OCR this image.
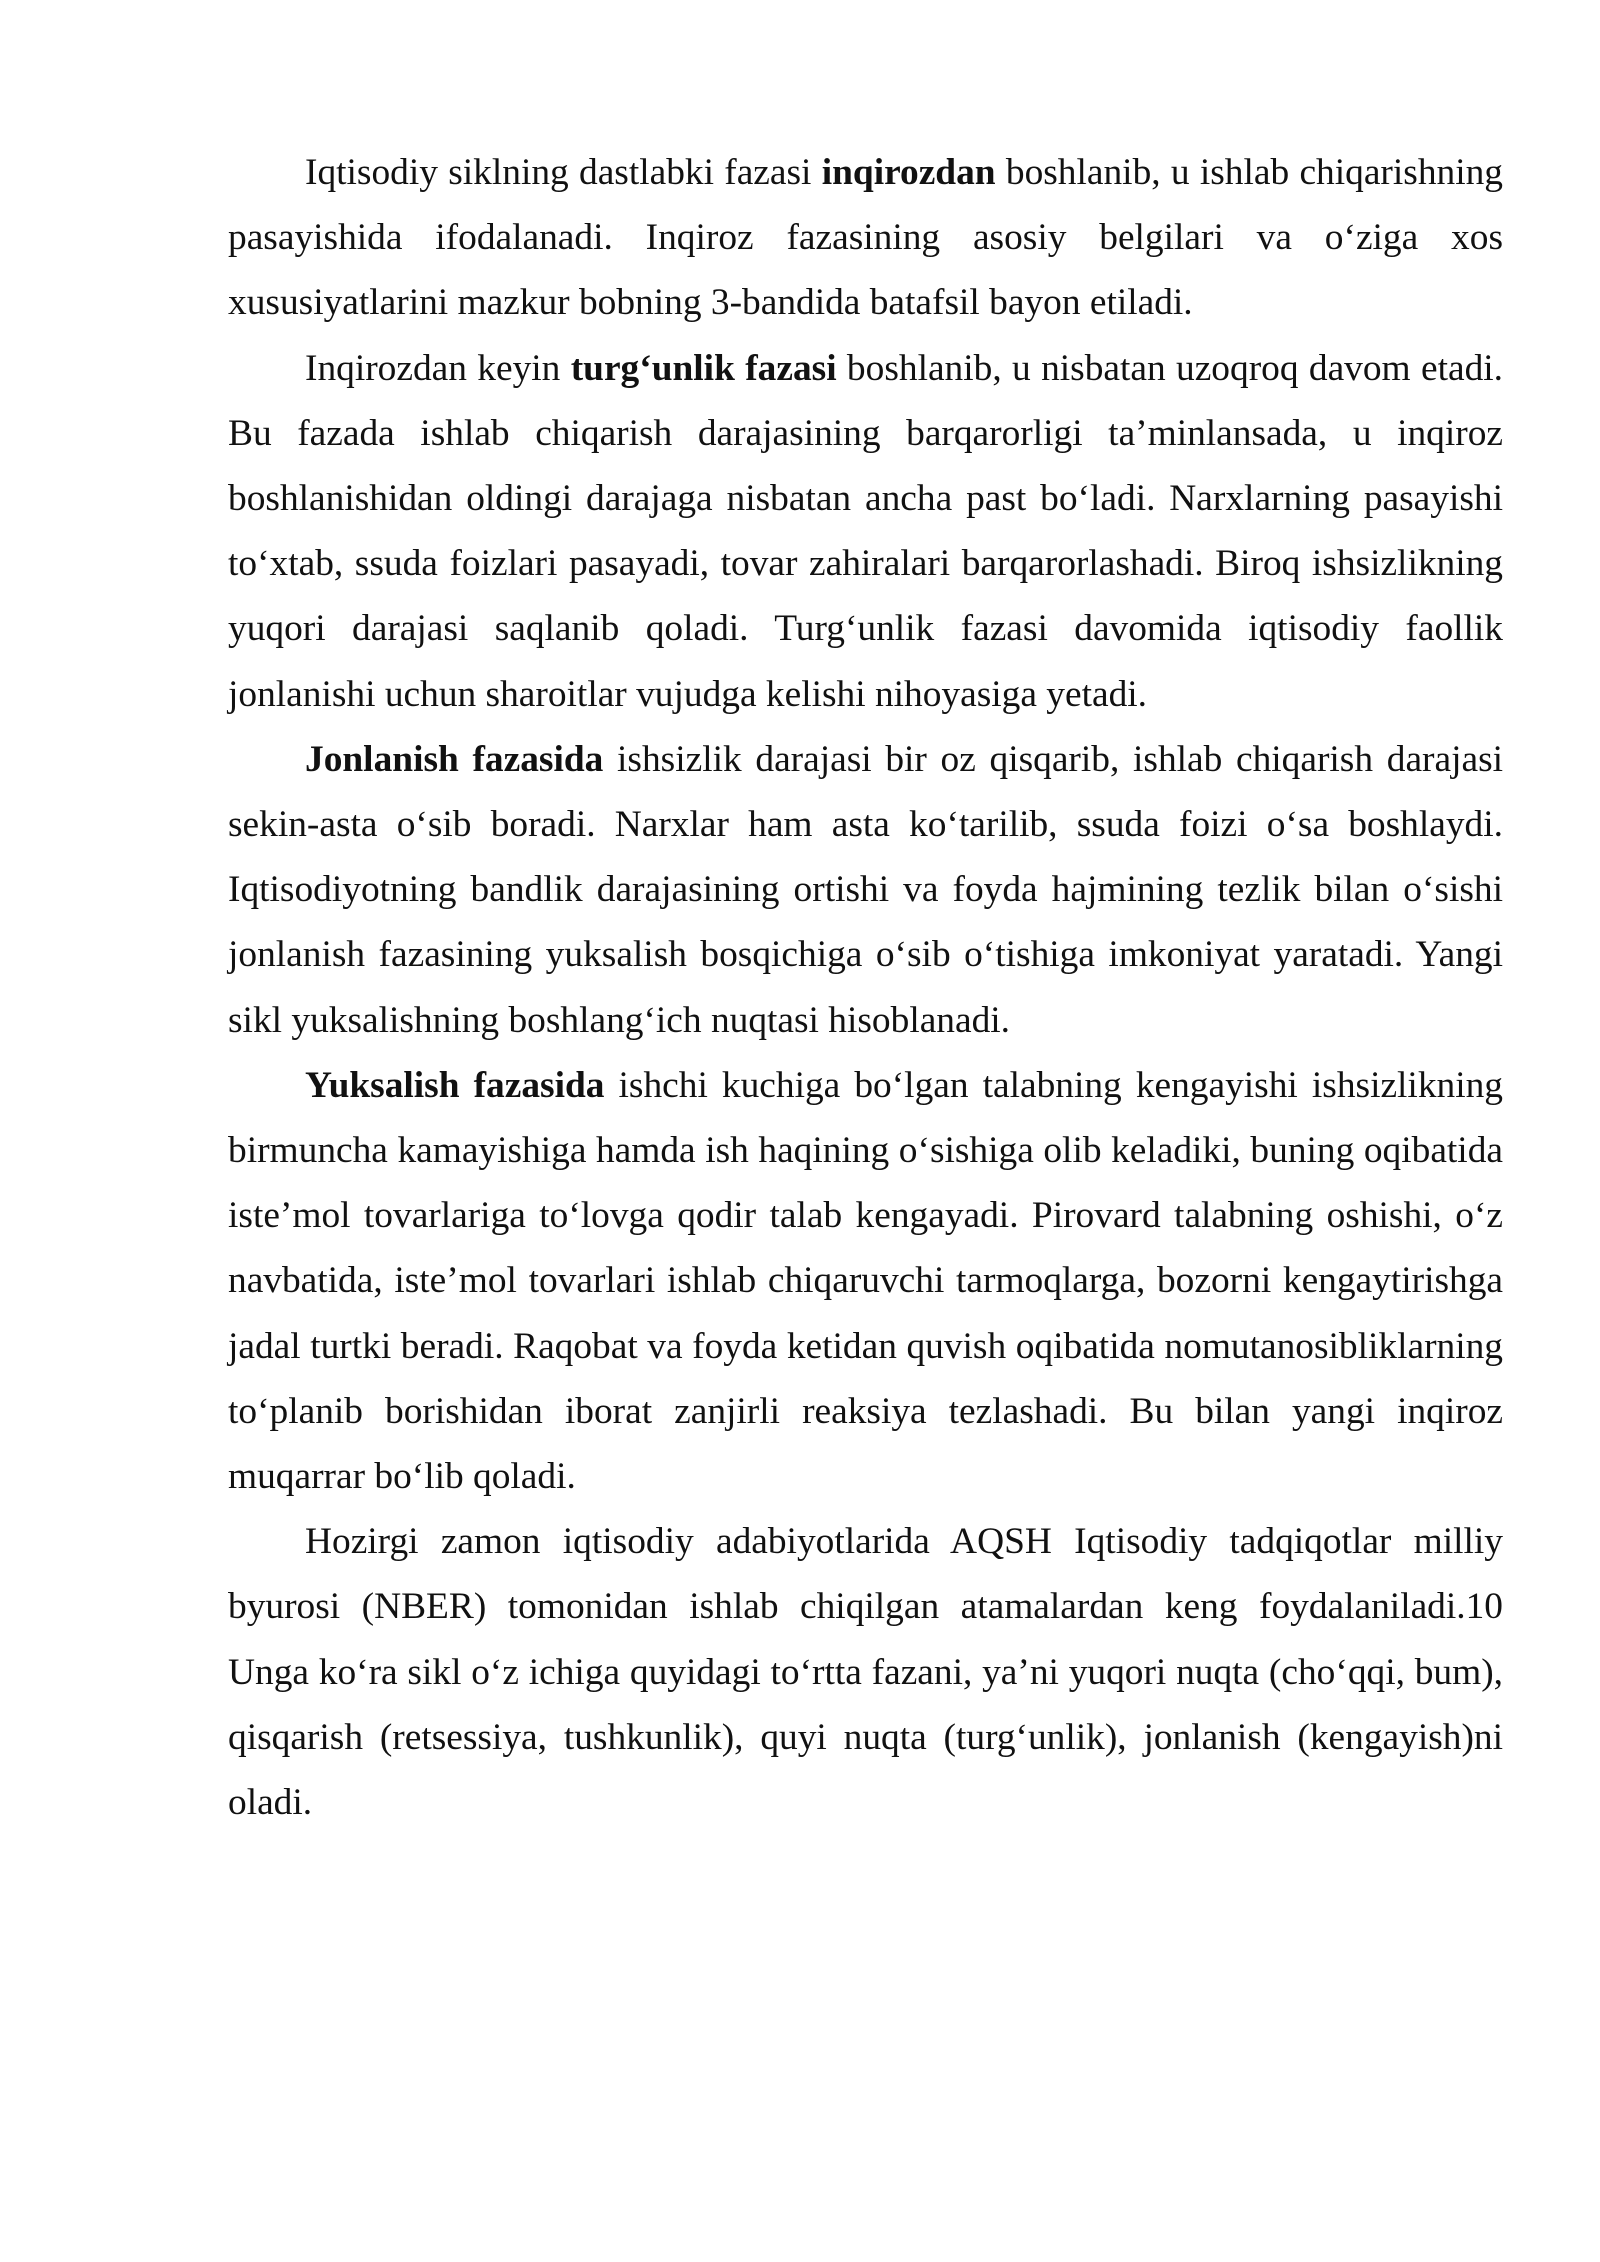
Iqtisodiy siklning dastlabki fazasi inqirozdan boshlanib, u ishlab chiqarishning pasayishida ifodalanadi. Inqiroz fazasining asosiy belgilari va o‘ziga xos xususiyatlarini mazkur bobning 3-bandida batafsil bayon etiladi.

Inqirozdan keyin turg‘unlik fazasi boshlanib, u nisbatan uzoqroq davom etadi. Bu fazada ishlab chiqarish darajasining barqarorligi ta’minlansada, u inqiroz boshlanishidan oldingi darajaga nisbatan ancha past bo‘ladi. Narxlarning pasayishi to‘xtab, ssuda foizlari pasayadi, tovar zahiralari barqarorlashadi. Biroq ishsizlikning yuqori darajasi saqlanib qoladi. Turg‘unlik fazasi davomida iqtisodiy faollik jonlanishi uchun sharoitlar vujudga kelishi nihoyasiga yetadi.

Jonlanish fazasida ishsizlik darajasi bir oz qisqarib, ishlab chiqarish darajasi sekin-asta o‘sib boradi. Narxlar ham asta ko‘tarilib, ssuda foizi o‘sa boshlaydi. Iqtisodiyotning bandlik darajasining ortishi va foyda hajmining tezlik bilan o‘sishi jonlanish fazasining yuksalish bosqichiga o‘sib o‘tishiga imkoniyat yaratadi. Yangi sikl yuksalishning boshlang‘ich nuqtasi hisoblanadi.

Yuksalish fazasida ishchi kuchiga bo‘lgan talabning kengayishi ishsizlikning birmuncha kamayishiga hamda ish haqining o‘sishiga olib keladiki, buning oqibatida iste’mol tovarlariga to‘lovga qodir talab kengayadi. Pirovard talabning oshishi, o‘z navbatida, iste’mol tovarlari ishlab chiqaruvchi tarmoqlarga, bozorni kengaytirishga jadal turtki beradi. Raqobat va foyda ketidan quvish oqibatida nomutanosibliklarning to‘planib borishidan iborat zanjirli reaksiya tezlashadi. Bu bilan yangi inqiroz muqarrar bo‘lib qoladi.

Hozirgi zamon iqtisodiy adabiyotlarida AQSH Iqtisodiy tadqiqotlar milliy byurosi (NBER) tomonidan ishlab chiqilgan atamalardan keng foydalaniladi.10 Unga ko‘ra sikl o‘z ichiga quyidagi to‘rtta fazani, ya’ni yuqori nuqta (cho‘qqi, bum), qisqarish (retsessiya, tushkunlik), quyi nuqta (turg‘unlik), jonlanish (kengayish)ni oladi.
